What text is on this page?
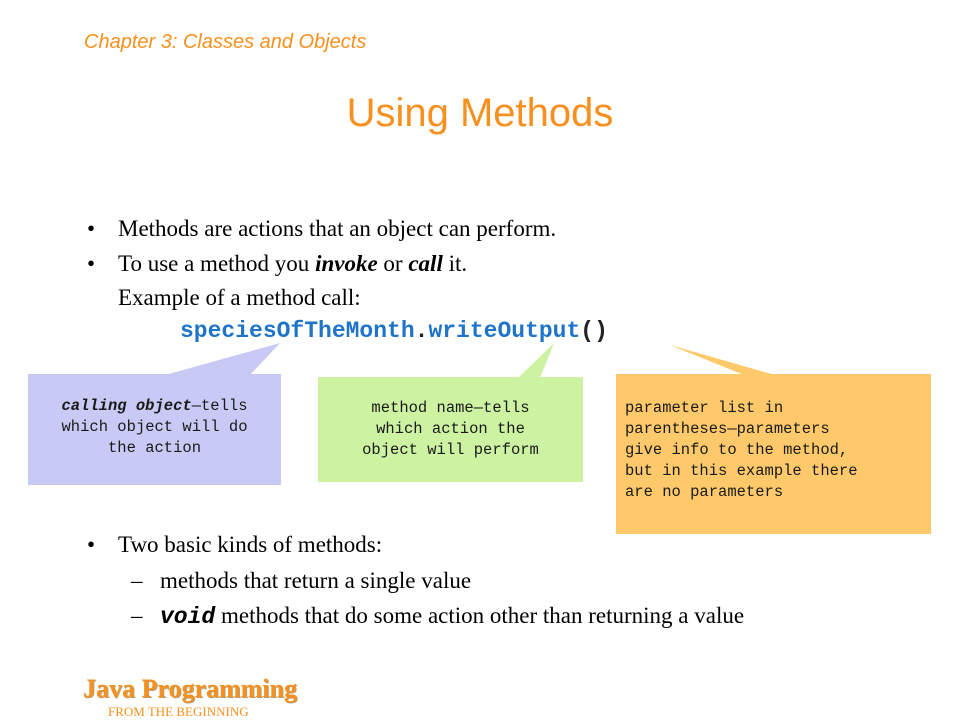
Chapter 3: Classes and Objects
Using Methods
• Methods are actions that an object can perform.
• To use a method you invoke or call it.
Example of a method call:
speciesOfTheMonth.writeOutput()
calling object—tells
which object will do
the action
method name—tells
which action the
object will perform
parameter list in
parentheses—parameters
give info to the method,
but in this example there
are no parameters
• Two basic kinds of methods:
– methods that return a single value
– void methods that do some action other than returning a value
Java Programming
FROM THE BEGINNING
